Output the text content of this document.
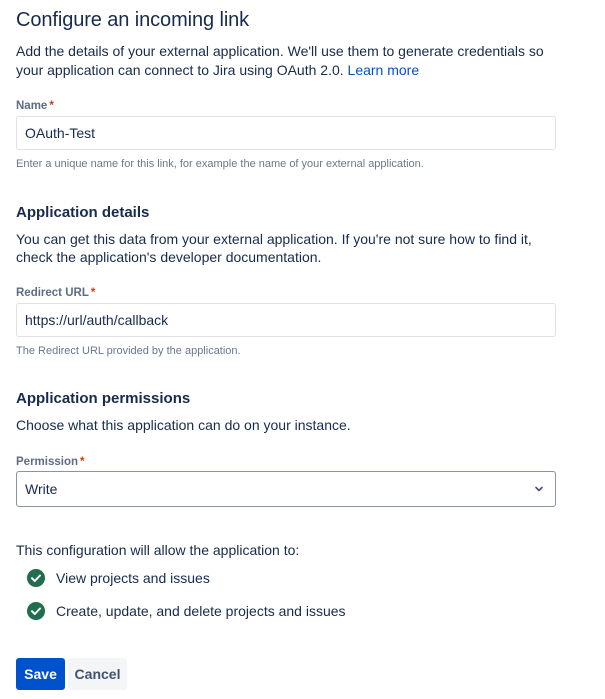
Configure an incoming link
Add the details of your external application. We'll use them to generate credentials so your application can connect to Jira using OAuth 2.0. Learn more
Name *
OAuth-Test
Enter a unique name for this link, for example the name of your external application.
Application details
You can get this data from your external application. If you're not sure how to find it, check the application's developer documentation.
Redirect URL *
https://url/auth/callback
The Redirect URL provided by the application.
Application permissions
Choose what this application can do on your instance.
Permission *
Write
This configuration will allow the application to:
View projects and issues
Create, update, and delete projects and issues
Save	Cancel
